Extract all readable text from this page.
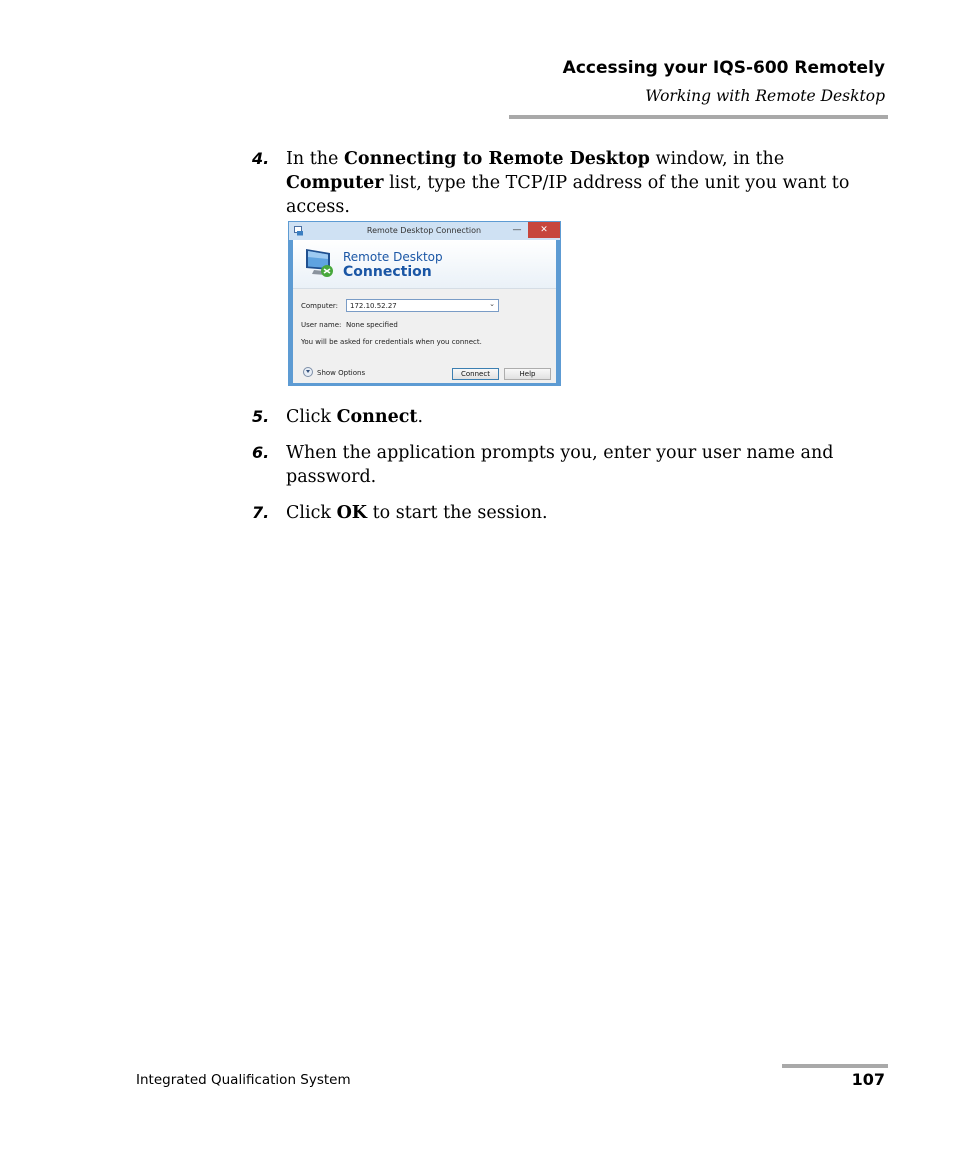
Accessing your IQS-600 Remotely
Working with Remote Desktop
4. In the Connecting to Remote Desktop window, in the Computer list, type the TCP/IP address of the unit you want to access.
Remote Desktop Connection	—	✕
Remote Desktop
Connection
Computer: 172.10.52.27	⌄
User name: None specified
You will be asked for credentials when you connect.
Show Options	Connect	Help
5. Click Connect.
6. When the application prompts you, enter your user name and password.
7. Click OK to start the session.
Integrated Qualification System	107
